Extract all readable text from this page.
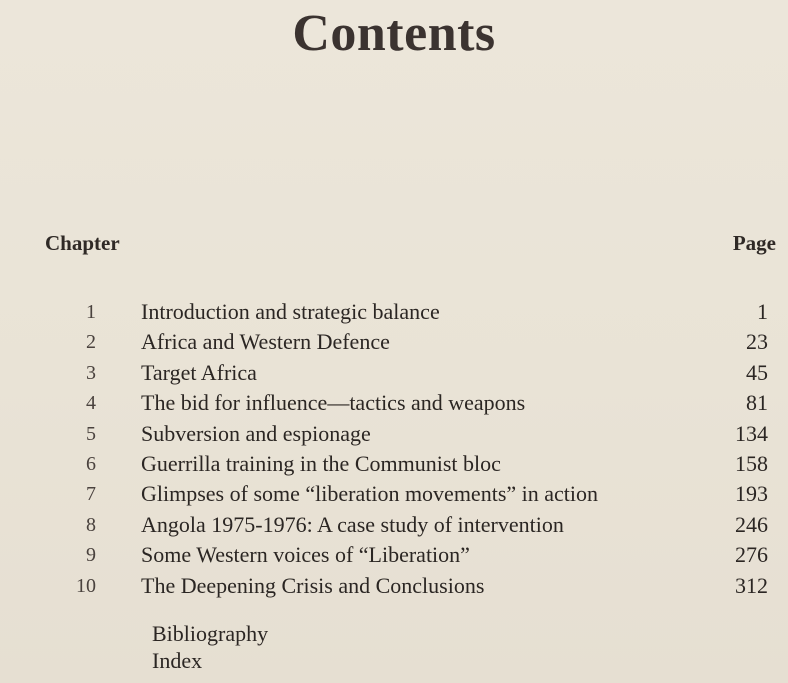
Contents
Chapter	Page
1 Introduction and strategic balance	1
2 Africa and Western Defence	23
3 Target Africa	45
4 The bid for influence—tactics and weapons	81
5 Subversion and espionage	134
6 Guerrilla training in the Communist bloc	158
7 Glimpses of some “liberation movements” in action	193
8 Angola 1975-1976: A case study of intervention	246
9 Some Western voices of “Liberation”	276
10 The Deepening Crisis and Conclusions	312
Bibliography
Index
